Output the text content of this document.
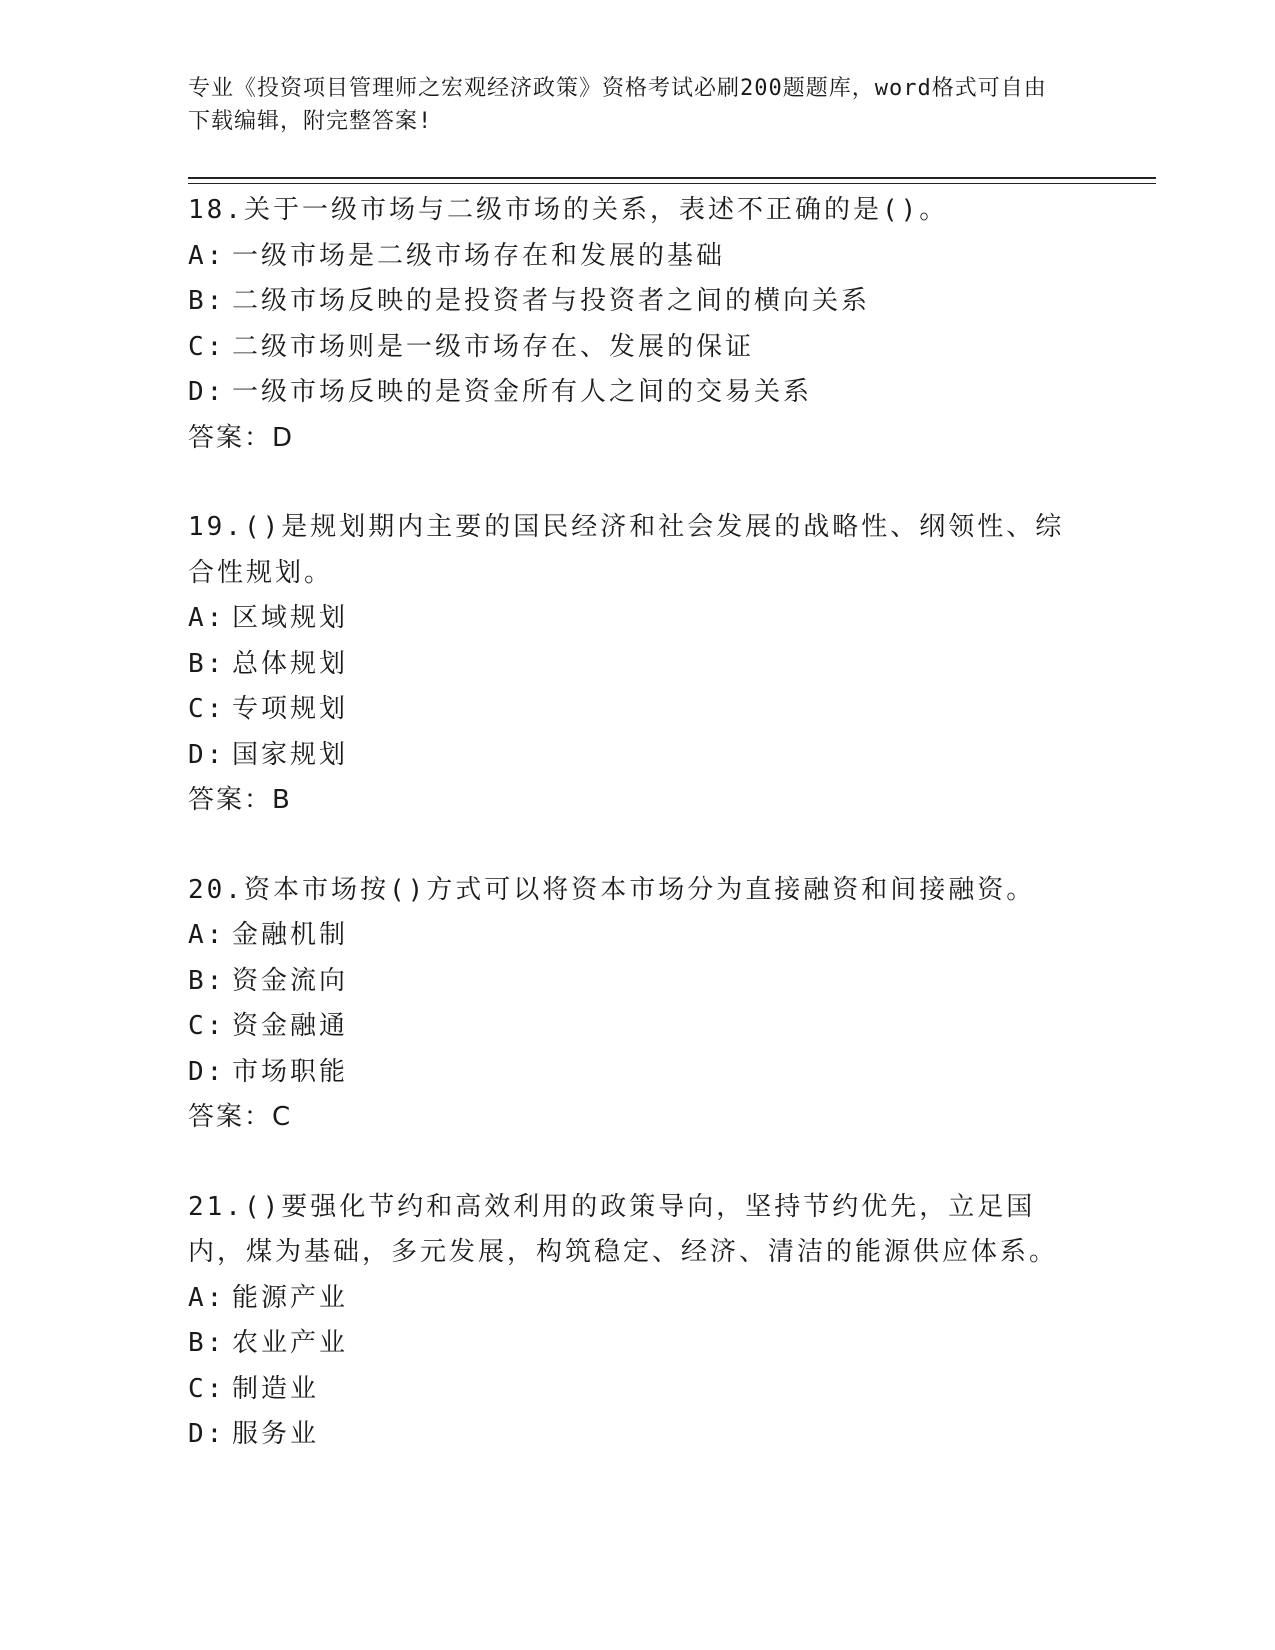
专业《投资项目管理师之宏观经济政策》资格考试必刷200题题库，word格式可自由下载编辑，附完整答案!
18.关于一级市场与二级市场的关系，表述不正确的是()。
A: 一级市场是二级市场存在和发展的基础
B: 二级市场反映的是投资者与投资者之间的横向关系
C: 二级市场则是一级市场存在、发展的保证
D: 一级市场反映的是资金所有人之间的交易关系
答案：D
19.()是规划期内主要的国民经济和社会发展的战略性、纲领性、综合性规划。
A: 区域规划
B: 总体规划
C: 专项规划
D: 国家规划
答案：B
20.资本市场按()方式可以将资本市场分为直接融资和间接融资。
A: 金融机制
B: 资金流向
C: 资金融通
D: 市场职能
答案：C
21.()要强化节约和高效利用的政策导向，坚持节约优先，立足国内，煤为基础，多元发展，构筑稳定、经济、清洁的能源供应体系。
A: 能源产业
B: 农业产业
C: 制造业
D: 服务业
